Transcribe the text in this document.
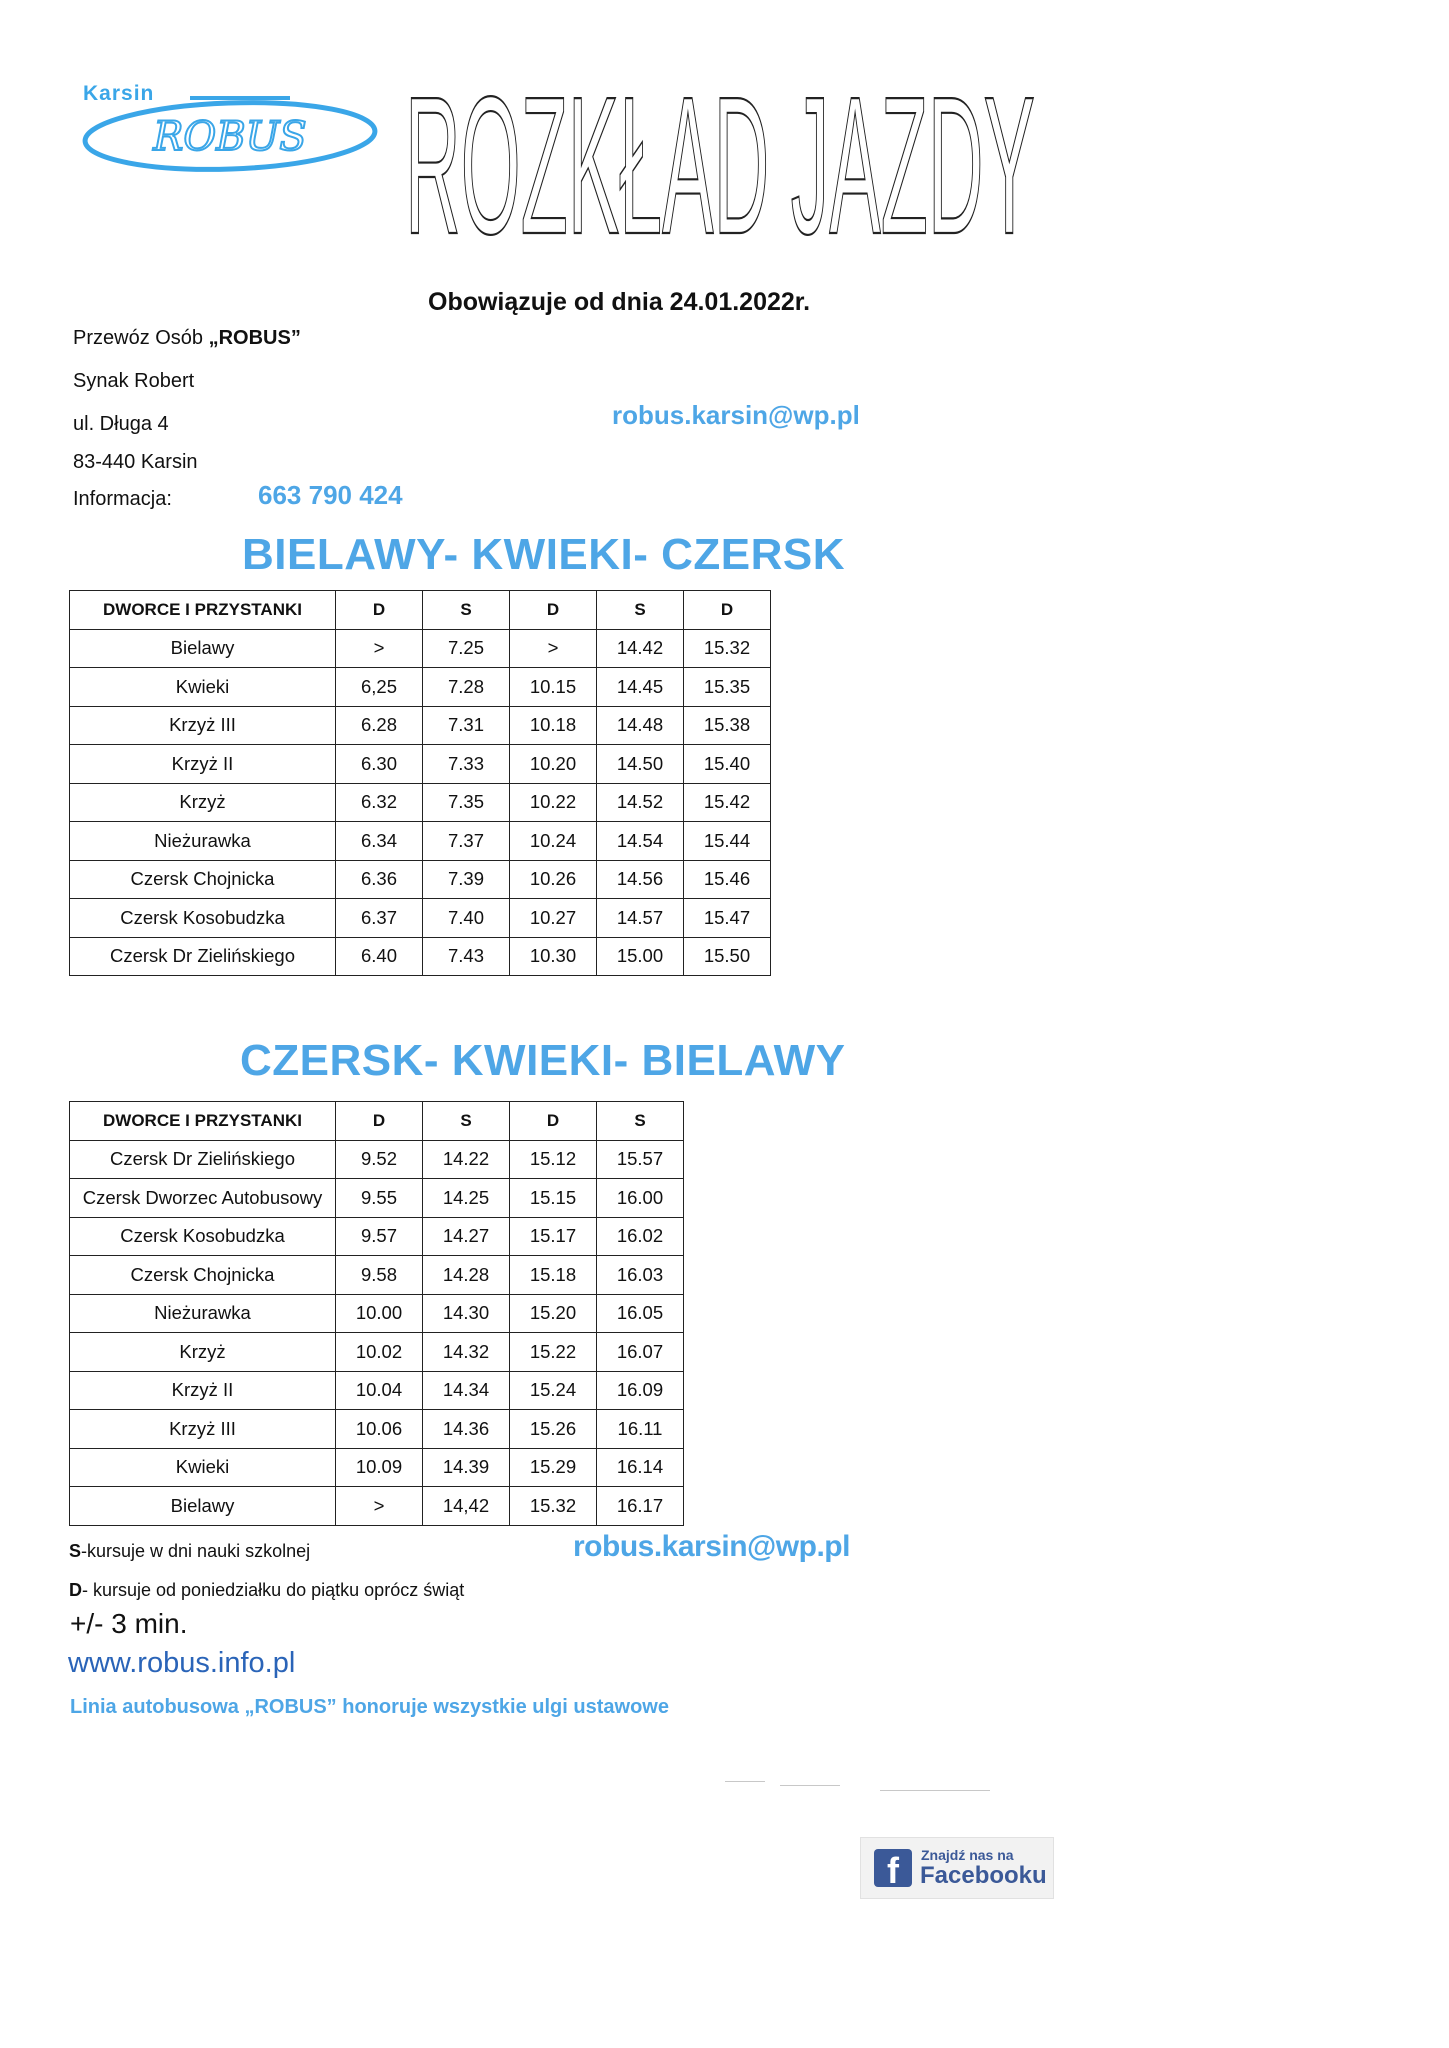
Karsin
ROBUS ROZKŁAD JAZDY
Obowiązuje od dnia 24.01.2022r.
Przewóz Osób „ROBUS”
Synak Robert
ul. Długa 4
83-440 Karsin
Informacja:	663 790 424
robus.karsin@wp.pl
BIELAWY- KWIEKI- CZERSK
DWORCE I PRZYSTANKI	D	S	D	S	D
Bielawy	>	7.25	>	14.42	15.32
Kwieki	6,25	7.28	10.15	14.45	15.35
Krzyż III	6.28	7.31	10.18	14.48	15.38
Krzyż II	6.30	7.33	10.20	14.50	15.40
Krzyż	6.32	7.35	10.22	14.52	15.42
Nieżurawka	6.34	7.37	10.24	14.54	15.44
Czersk Chojnicka	6.36	7.39	10.26	14.56	15.46
Czersk Kosobudzka	6.37	7.40	10.27	14.57	15.47
Czersk Dr Zielińskiego	6.40	7.43	10.30	15.00	15.50
CZERSK- KWIEKI- BIELAWY
DWORCE I PRZYSTANKI	D	S	D	S
Czersk Dr Zielińskiego	9.52	14.22	15.12	15.57
Czersk Dworzec Autobusowy	9.55	14.25	15.15	16.00
Czersk Kosobudzka	9.57	14.27	15.17	16.02
Czersk Chojnicka	9.58	14.28	15.18	16.03
Nieżurawka	10.00	14.30	15.20	16.05
Krzyż	10.02	14.32	15.22	16.07
Krzyż II	10.04	14.34	15.24	16.09
Krzyż III	10.06	14.36	15.26	16.11
Kwieki	10.09	14.39	15.29	16.14
Bielawy	>	14,42	15.32	16.17
S-kursuje w dni nauki szkolnej
D- kursuje od poniedziałku do piątku oprócz świąt
+/- 3 min.
www.robus.info.pl
Linia autobusowa „ROBUS” honoruje wszystkie ulgi ustawowe
robus.karsin@wp.pl
f	Znajdź nas na
Facebooku
